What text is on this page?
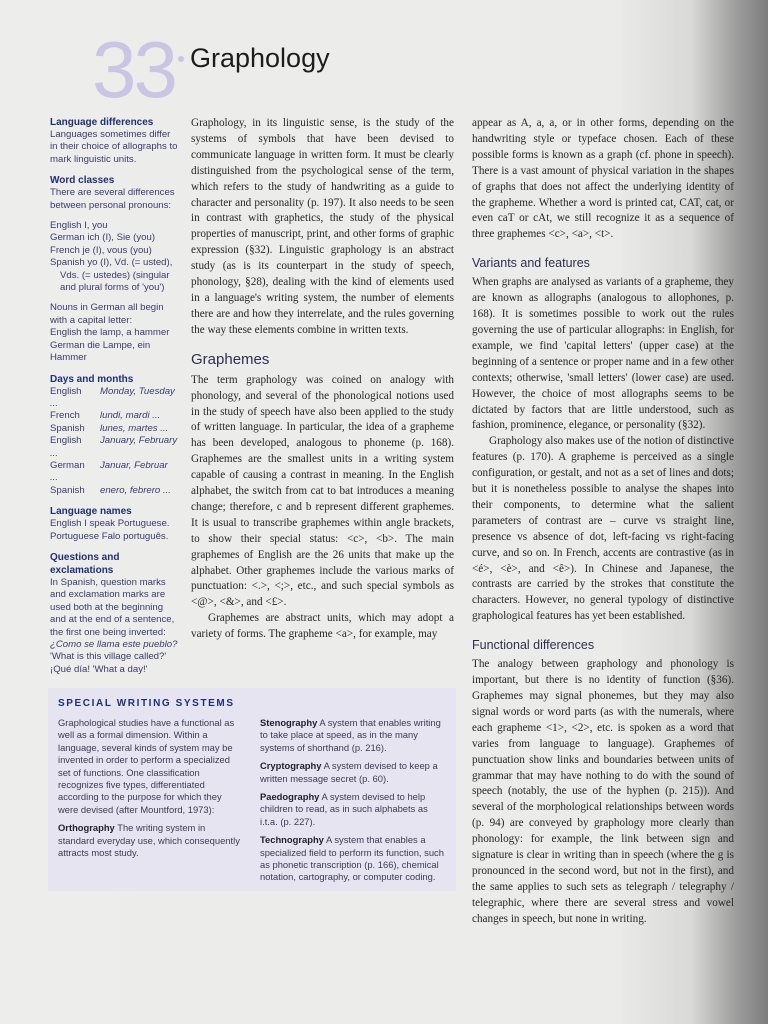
33 Graphology
Language differences

Languages sometimes differ in their choice of allographs to mark linguistic units.

Word classes

There are several differences between personal pronouns:

English I, you
German ich (I), Sie (you)
French je (I), vous (you)
Spanish yo (I), Vd. (= usted),
Vds. (= ustedes) (singular
and plural forms of 'you')

Nouns in German all begin with a capital letter:

English the lamp, a hammer
German die Lampe, ein
Hammer
Days and months
English Monday, Tuesday ...
French lundi, mardi ...
Spanish lunes, martes ...
English January, February ...
German Januar, Februar ...
Spanish enero, febrero ...
Language names
English I speak Portuguese.
Portuguese Falo português.
Questions and exclamations

In Spanish, question marks and exclamation marks are used both at the beginning and at the end of a sentence, the first one being inverted:

¿Como se llama este pueblo?
'What is this village called?'
¡Qué día! 'What a day!'

Graphology, in its linguistic sense, is the study of the systems of symbols that have been devised to communicate language in written form. It must be clearly distinguished from the psychological sense of the term, which refers to the study of handwriting as a guide to character and personality (p. 197). It also needs to be seen in contrast with graphetics, the study of the physical properties of manuscript, print, and other forms of graphic expression (§32). Linguistic graphology is an abstract study (as is its counterpart in the study of speech, phonology, §28), dealing with the kind of elements used in a language's writing system, the number of elements there are and how they interrelate, and the rules governing the way these elements combine in written texts.

Graphemes

The term graphology was coined on analogy with phonology, and several of the phonological notions used in the study of speech have also been applied to the study of written language. In particular, the idea of a grapheme has been developed, analogous to phoneme (p. 168). Graphemes are the smallest units in a writing system capable of causing a contrast in meaning. In the English alphabet, the switch from cat to bat introduces a meaning change; therefore, c and b represent different graphemes. It is usual to transcribe graphemes within angle brackets, to show their special status: <c>, <b>. The main graphemes of English are the 26 units that make up the alphabet. Other graphemes include the various marks of punctuation: <.>, <;>, etc., and such special symbols as <@>, <&>, and <£>.

Graphemes are abstract units, which may adopt a variety of forms. The grapheme <a>, for example, may

appear as A, a, a, or in other forms, depending on the handwriting style or typeface chosen. Each of these possible forms is known as a graph (cf. phone in speech). There is a vast amount of physical variation in the shapes of graphs that does not affect the underlying identity of the grapheme. Whether a word is printed cat, CAT, cat, or even caT or cAt, we still recognize it as a sequence of three graphemes <c>, <a>, <t>.

Variants and features

When graphs are analysed as variants of a grapheme, they are known as allographs (analogous to allophones, p. 168). It is sometimes possible to work out the rules governing the use of particular allographs: in English, for example, we find 'capital letters' (upper case) at the beginning of a sentence or proper name and in a few other contexts; otherwise, 'small letters' (lower case) are used. However, the choice of most allographs seems to be dictated by factors that are little understood, such as fashion, prominence, elegance, or personality (§32).

Graphology also makes use of the notion of distinctive features (p. 170). A grapheme is perceived as a single configuration, or gestalt, and not as a set of lines and dots; but it is nonetheless possible to analyse the shapes into their components, to determine what the salient parameters of contrast are – curve vs straight line, presence vs absence of dot, left-facing vs right-facing curve, and so on. In French, accents are contrastive (as in <é>, <è>, and <ê>). In Chinese and Japanese, the contrasts are carried by the strokes that constitute the characters. However, no general typology of distinctive graphological features has yet been established.

Functional differences

The analogy between graphology and phonology is important, but there is no identity of function (§36). Graphemes may signal phonemes, but they may also signal words or word parts (as with the numerals, where each grapheme <1>, <2>, etc. is spoken as a word that varies from language to language). Graphemes of punctuation show links and boundaries between units of grammar that may have nothing to do with the sound of speech (notably, the use of the hyphen (p. 215)). And several of the morphological relationships between words (p. 94) are conveyed by graphology more clearly than phonology: for example, the link between sign and signature is clear in writing than in speech (where the g is pronounced in the second word, but not in the first), and the same applies to such sets as telegraph / telegraphy / telegraphic, where there are several stress and vowel changes in speech, but none in writing.

SPECIAL WRITING SYSTEMS

Graphological studies have a functional as well as a formal dimension. Within a language, several kinds of system may be invented in order to perform a specialized set of functions. One classification recognizes five types, differentiated according to the purpose for which they were devised (after Mountford, 1973):

Orthography The writing system in standard everyday use, which consequently attracts most study.

Stenography A system that enables writing to take place at speed, as in the many systems of shorthand (p. 216).

Cryptography A system devised to keep a written message secret (p. 60).

Paedography A system devised to help children to read, as in such alphabets as i.t.a. (p. 227).

Technography A system that enables a specialized field to perform its function, such as phonetic transcription (p. 166), chemical notation, cartography, or computer coding.
